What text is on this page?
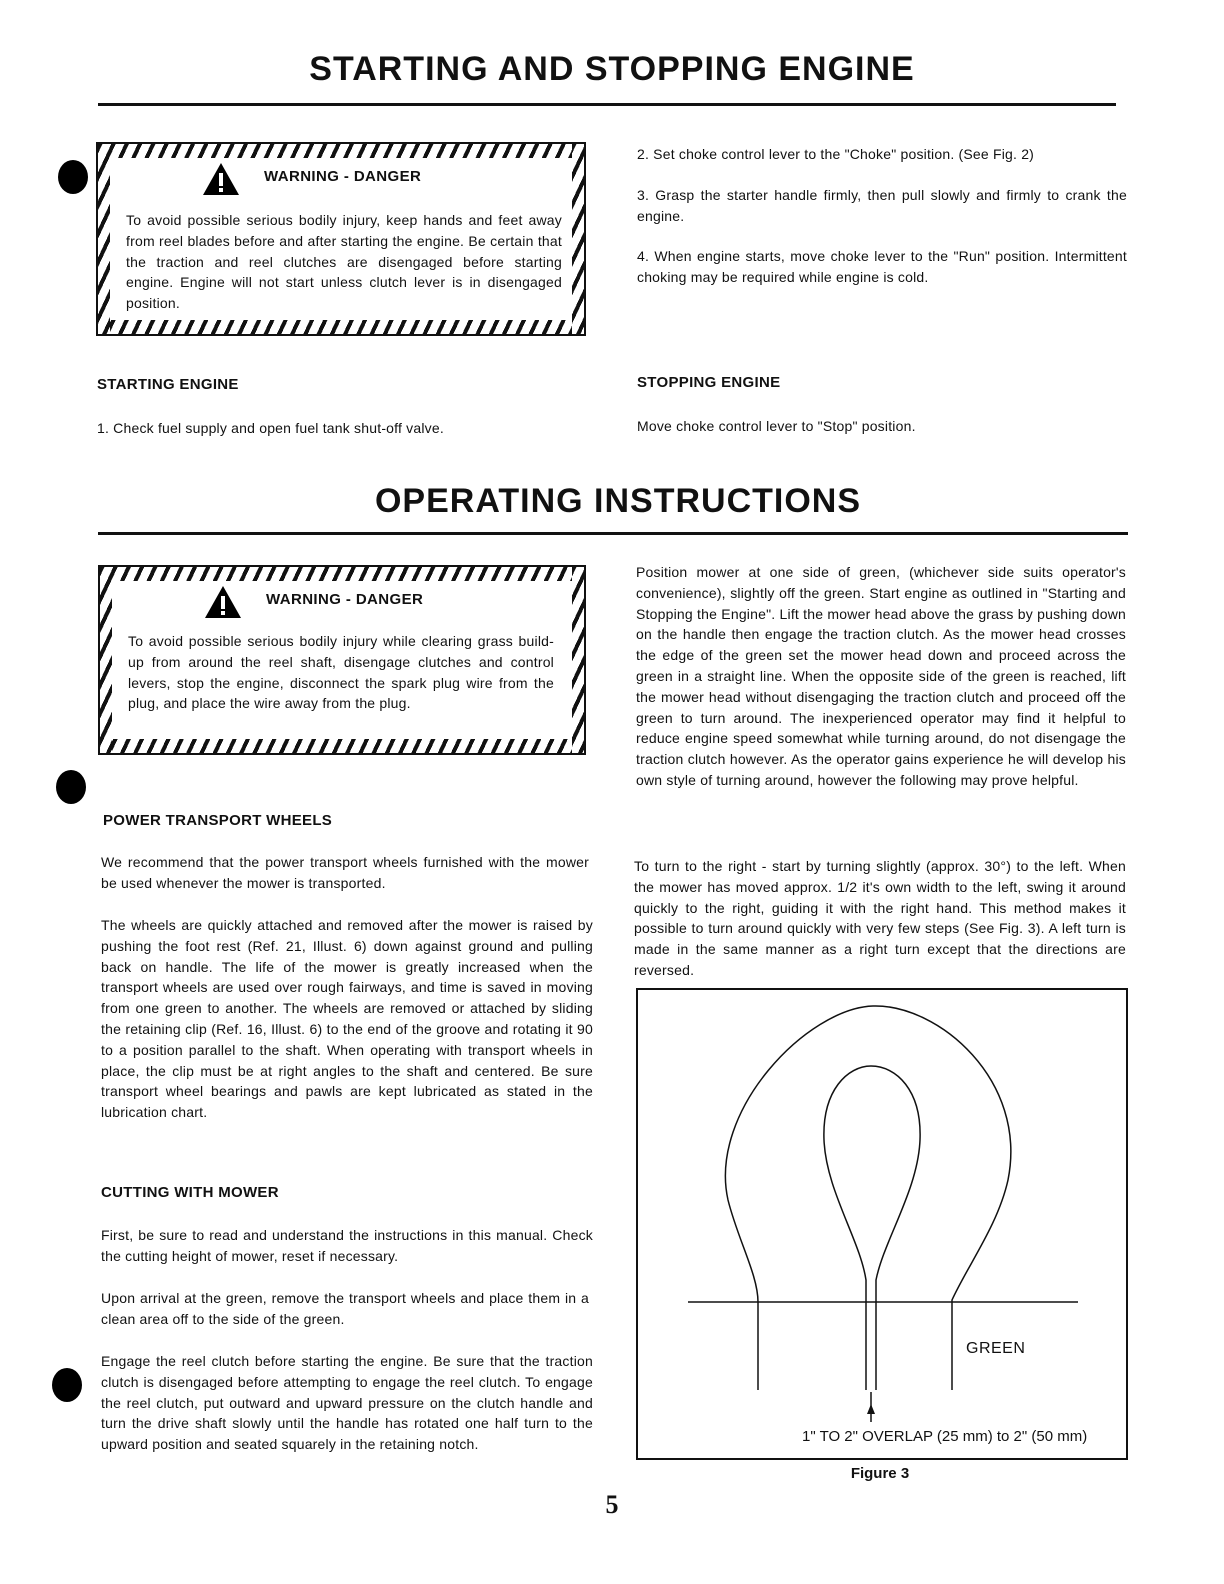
STARTING AND STOPPING ENGINE
WARNING - DANGER
To avoid possible serious bodily injury, keep hands and feet away from reel blades before and after starting the engine. Be certain that the traction and reel clutches are disengaged before starting engine. Engine will not start unless clutch lever is in disengaged position.
2. Set choke control lever to the "Choke" position. (See Fig. 2)
3. Grasp the starter handle firmly, then pull slowly and firmly to crank the engine.
4. When engine starts, move choke lever to the "Run" position. Intermittent choking may be required while engine is cold.
STARTING ENGINE
1. Check fuel supply and open fuel tank shut-off valve.
STOPPING ENGINE
Move choke control lever to "Stop" position.
OPERATING INSTRUCTIONS
WARNING - DANGER
To avoid possible serious bodily injury while clearing grass build-up from around the reel shaft, disengage clutches and control levers, stop the engine, disconnect the spark plug wire from the plug, and place the wire away from the plug.
POWER TRANSPORT WHEELS
We recommend that the power transport wheels furnished with the mower be used whenever the mower is transported.
The wheels are quickly attached and removed after the mower is raised by pushing the foot rest (Ref. 21, Illust. 6) down against ground and pulling back on handle. The life of the mower is greatly increased when the transport wheels are used over rough fairways, and time is saved in moving from one green to another. The wheels are removed or attached by sliding the retaining clip (Ref. 16, Illust. 6) to the end of the groove and rotating it 90 to a position parallel to the shaft. When operating with transport wheels in place, the clip must be at right angles to the shaft and centered. Be sure transport wheel bearings and pawls are kept lubricated as stated in the lubrication chart.
CUTTING WITH MOWER
First, be sure to read and understand the instructions in this manual. Check the cutting height of mower, reset if necessary.
Upon arrival at the green, remove the transport wheels and place them in a clean area off to the side of the green.
Engage the reel clutch before starting the engine. Be sure that the traction clutch is disengaged before attempting to engage the reel clutch. To engage the reel clutch, put outward and upward pressure on the clutch handle and turn the drive shaft slowly until the handle has rotated one half turn to the upward position and seated squarely in the retaining notch.
Position mower at one side of green, (whichever side suits operator's convenience), slightly off the green. Start engine as outlined in "Starting and Stopping the Engine". Lift the mower head above the grass by pushing down on the handle then engage the traction clutch. As the mower head crosses the edge of the green set the mower head down and proceed across the green in a straight line. When the opposite side of the green is reached, lift the mower head without disengaging the traction clutch and proceed off the green to turn around. The inexperienced operator may find it helpful to reduce engine speed somewhat while turning around, do not disengage the traction clutch however. As the operator gains experience he will develop his own style of turning around, however the following may prove helpful.
To turn to the right - start by turning slightly (approx. 30°) to the left. When the mower has moved approx. 1/2 it's own width to the left, swing it around quickly to the right, guiding it with the right hand. This method makes it possible to turn around quickly with very few steps (See Fig. 3). A left turn is made in the same manner as a right turn except that the directions are reversed.
GREEN
1" TO 2" OVERLAP (25 mm) to 2" (50 mm)
Figure 3
5
